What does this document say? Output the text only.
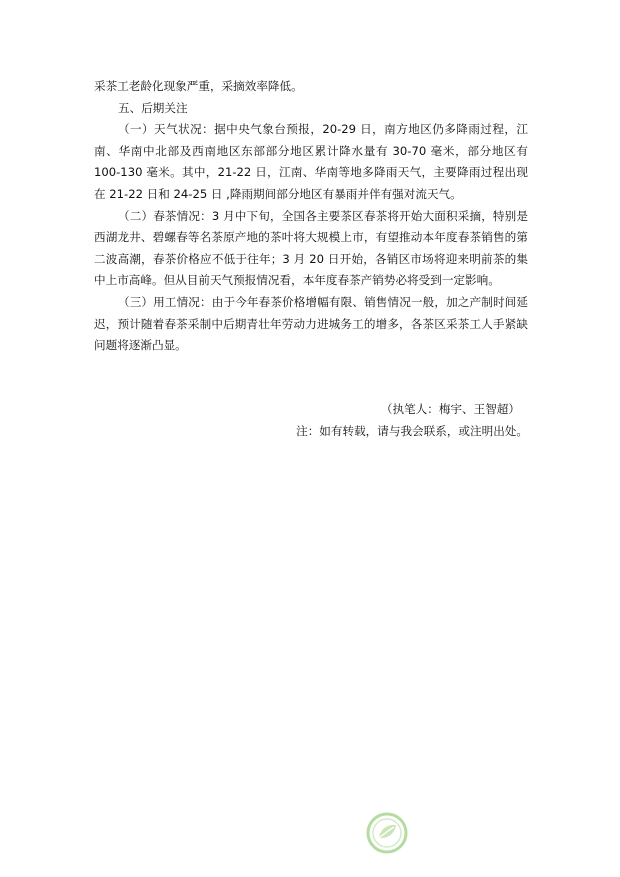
采茶工老龄化现象严重，采摘效率降低。

五、后期关注

（一）天气状况：据中央气象台预报，20-29 日，南方地区仍多降雨过程，江南、华南中北部及西南地区东部部分地区累计降水量有 30-70 毫米，部分地区有 100-130 毫米。其中，21-22 日，江南、华南等地多降雨天气，主要降雨过程出现在 21-22 日和 24-25 日 ,降雨期间部分地区有暴雨并伴有强对流天气。

（二）春茶情况：3 月中下旬，全国各主要茶区春茶将开始大面积采摘，特别是西湖龙井、碧螺春等名茶原产地的茶叶将大规模上市，有望推动本年度春茶销售的第二波高潮，春茶价格应不低于往年；3 月 20 日开始，各销区市场将迎来明前茶的集中上市高峰。但从目前天气预报情况看，本年度春茶产销势必将受到一定影响。

（三）用工情况：由于今年春茶价格增幅有限、销售情况一般，加之产制时间延迟，预计随着春茶采制中后期青壮年劳动力进城务工的增多，各茶区采茶工人手紧缺问题将逐渐凸显。

（执笔人：梅宇、王智超）

注：如有转载，请与我会联系，或注明出处。
